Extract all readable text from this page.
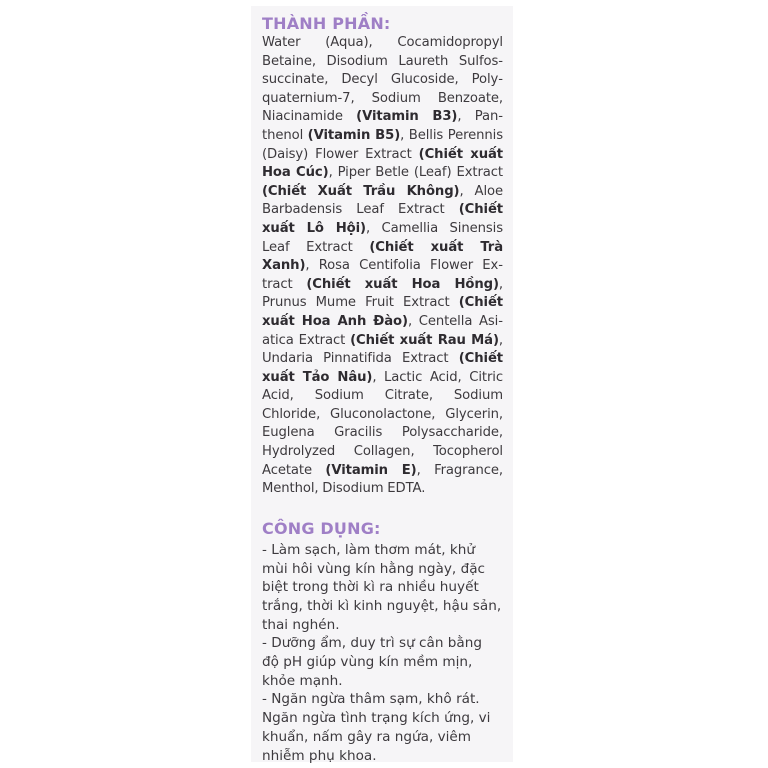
THÀNH PHẦN:

Water (Aqua), Cocamidopropyl Betaine, Disodium Laureth Sulfossuccinate, Decyl Glucoside, Polyquaternium-7, Sodium Benzoate, Niacinamide (Vitamin B3), Panthenol (Vitamin B5), Bellis Perennis (Daisy) Flower Extract (Chiết xuất Hoa Cúc), Piper Betle (Leaf) Extract (Chiết Xuất Trầu Không), Aloe Barbadensis Leaf Extract (Chiết xuất Lô Hội), Camellia Sinensis Leaf Extract (Chiết xuất Trà Xanh), Rosa Centifolia Flower Extract (Chiết xuất Hoa Hồng), Prunus Mume Fruit Extract (Chiết xuất Hoa Anh Đào), Centella Asiatica Extract (Chiết xuất Rau Má), Undaria Pinnatifida Extract (Chiết xuất Tảo Nâu), Lactic Acid, Citric Acid, Sodium Citrate, Sodium Chloride, Gluconolactone, Glycerin, Euglena Gracilis Polysaccharide, Hydrolyzed Collagen, Tocopherol Acetate (Vitamin E), Fragrance, Menthol, Disodium EDTA.

CÔNG DỤNG:
- Làm sạch, làm thơm mát, khử mùi hôi vùng kín hằng ngày, đặc biệt trong thời kì ra nhiều huyết trắng, thời kì kinh nguyệt, hậu sản, thai nghén.
- Dưỡng ẩm, duy trì sự cân bằng độ pH giúp vùng kín mềm mịn, khỏe mạnh.
- Ngăn ngừa thâm sạm, khô rát. Ngăn ngừa tình trạng kích ứng, vi khuẩn, nấm gây ra ngứa, viêm nhiễm phụ khoa.
